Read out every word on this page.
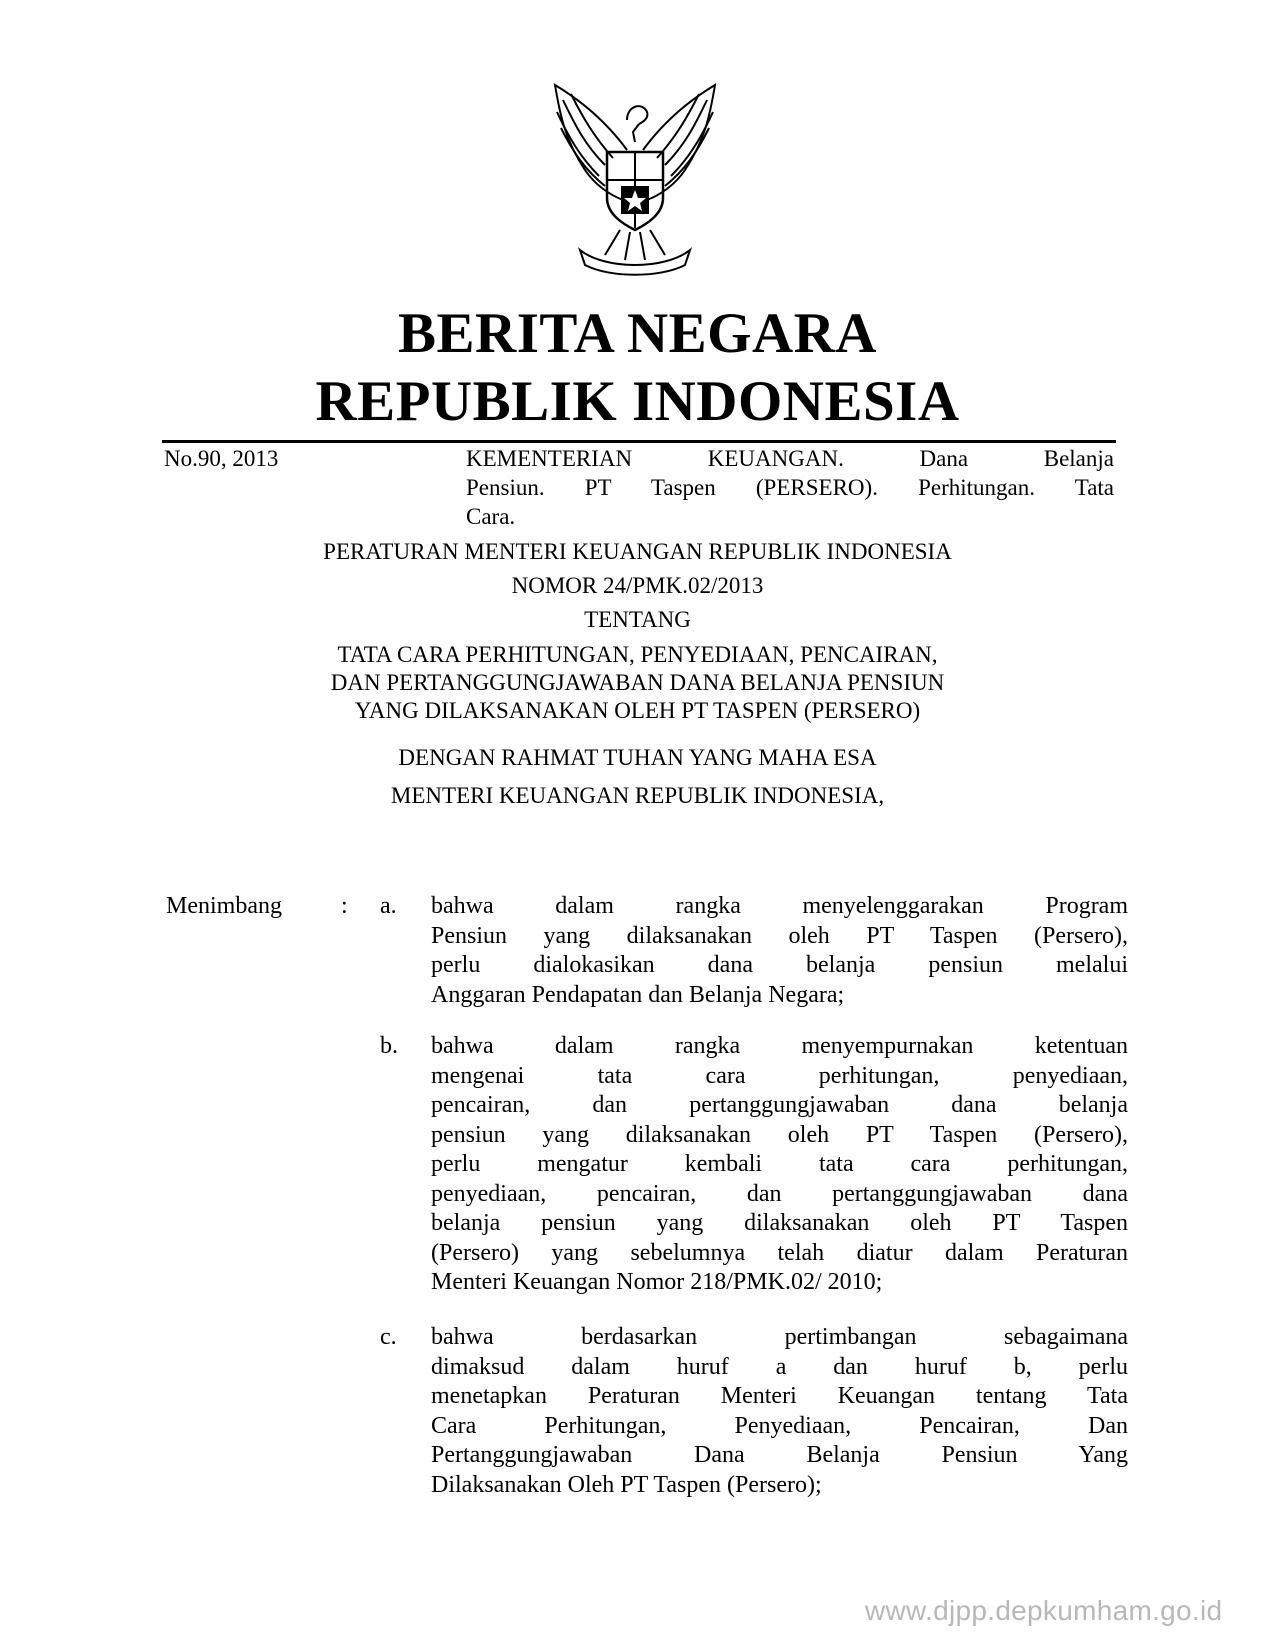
BERITA NEGARA
REPUBLIK INDONESIA
No.90, 2013	KEMENTERIAN KEUANGAN. Dana Belanja
Pensiun. PT Taspen (PERSERO). Perhitungan. Tata
Cara.
PERATURAN MENTERI KEUANGAN REPUBLIK INDONESIA
NOMOR 24/PMK.02/2013
TENTANG
TATA CARA PERHITUNGAN, PENYEDIAAN, PENCAIRAN,
DAN PERTANGGUNGJAWABAN DANA BELANJA PENSIUN
YANG DILAKSANAKAN OLEH PT TASPEN (PERSERO)
DENGAN RAHMAT TUHAN YANG MAHA ESA
MENTERI KEUANGAN REPUBLIK INDONESIA,
Menimbang : a. bahwa dalam rangka menyelenggarakan Program
Pensiun yang dilaksanakan oleh PT Taspen (Persero),
perlu dialokasikan dana belanja pensiun melalui
Anggaran Pendapatan dan Belanja Negara;
b. bahwa dalam rangka menyempurnakan ketentuan
mengenai tata cara perhitungan, penyediaan,
pencairan, dan pertanggungjawaban dana belanja
pensiun yang dilaksanakan oleh PT Taspen (Persero),
perlu mengatur kembali tata cara perhitungan,
penyediaan, pencairan, dan pertanggungjawaban dana
belanja pensiun yang dilaksanakan oleh PT Taspen
(Persero) yang sebelumnya telah diatur dalam Peraturan
Menteri Keuangan Nomor 218/PMK.02/ 2010;
c. bahwa berdasarkan pertimbangan sebagaimana
dimaksud dalam huruf a dan huruf b, perlu
menetapkan Peraturan Menteri Keuangan tentang Tata
Cara Perhitungan, Penyediaan, Pencairan, Dan
Pertanggungjawaban Dana Belanja Pensiun Yang
Dilaksanakan Oleh PT Taspen (Persero);
www.djpp.depkumham.go.id
